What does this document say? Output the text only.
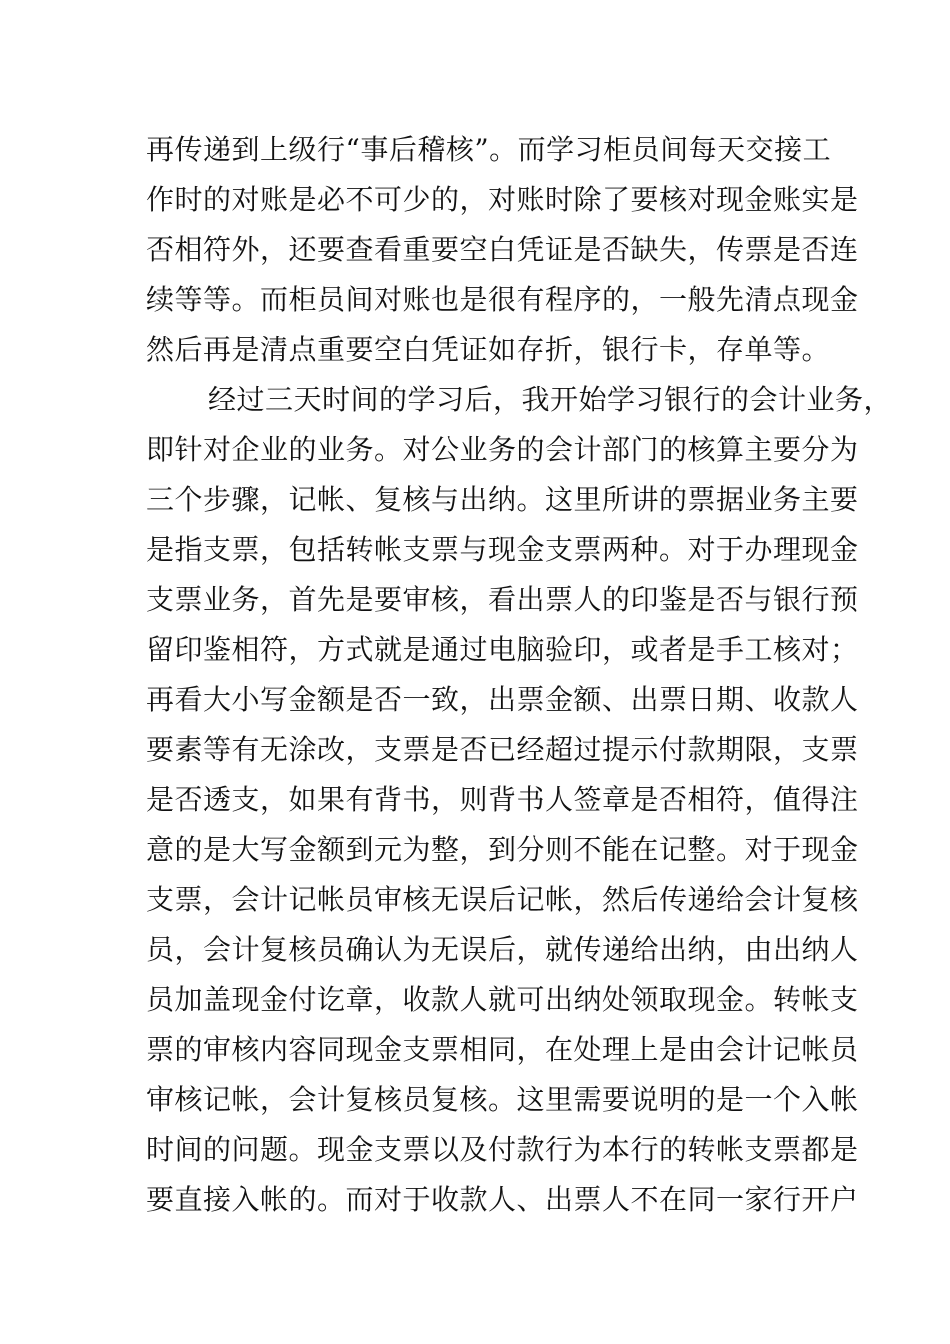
再传递到上级行“事后稽核”。而学习柜员间每天交接工
作时的对账是必不可少的，对账时除了要核对现金账实是
否相符外，还要查看重要空白凭证是否缺失，传票是否连
续等等。而柜员间对账也是很有程序的，一般先清点现金
然后再是清点重要空白凭证如存折，银行卡，存单等。
经过三天时间的学习后，我开始学习银行的会计业务，
即针对企业的业务。对公业务的会计部门的核算主要分为
三个步骤，记帐、复核与出纳。这里所讲的票据业务主要
是指支票，包括转帐支票与现金支票两种。对于办理现金
支票业务，首先是要审核，看出票人的印鉴是否与银行预
留印鉴相符，方式就是通过电脑验印，或者是手工核对；
再看大小写金额是否一致，出票金额、出票日期、收款人
要素等有无涂改，支票是否已经超过提示付款期限，支票
是否透支，如果有背书，则背书人签章是否相符，值得注
意的是大写金额到元为整，到分则不能在记整。对于现金
支票，会计记帐员审核无误后记帐，然后传递给会计复核
员，会计复核员确认为无误后，就传递给出纳，由出纳人
员加盖现金付讫章，收款人就可出纳处领取现金。转帐支
票的审核内容同现金支票相同，在处理上是由会计记帐员
审核记帐，会计复核员复核。这里需要说明的是一个入帐
时间的问题。现金支票以及付款行为本行的转帐支票都是
要直接入帐的。而对于收款人、出票人不在同一家行开户
